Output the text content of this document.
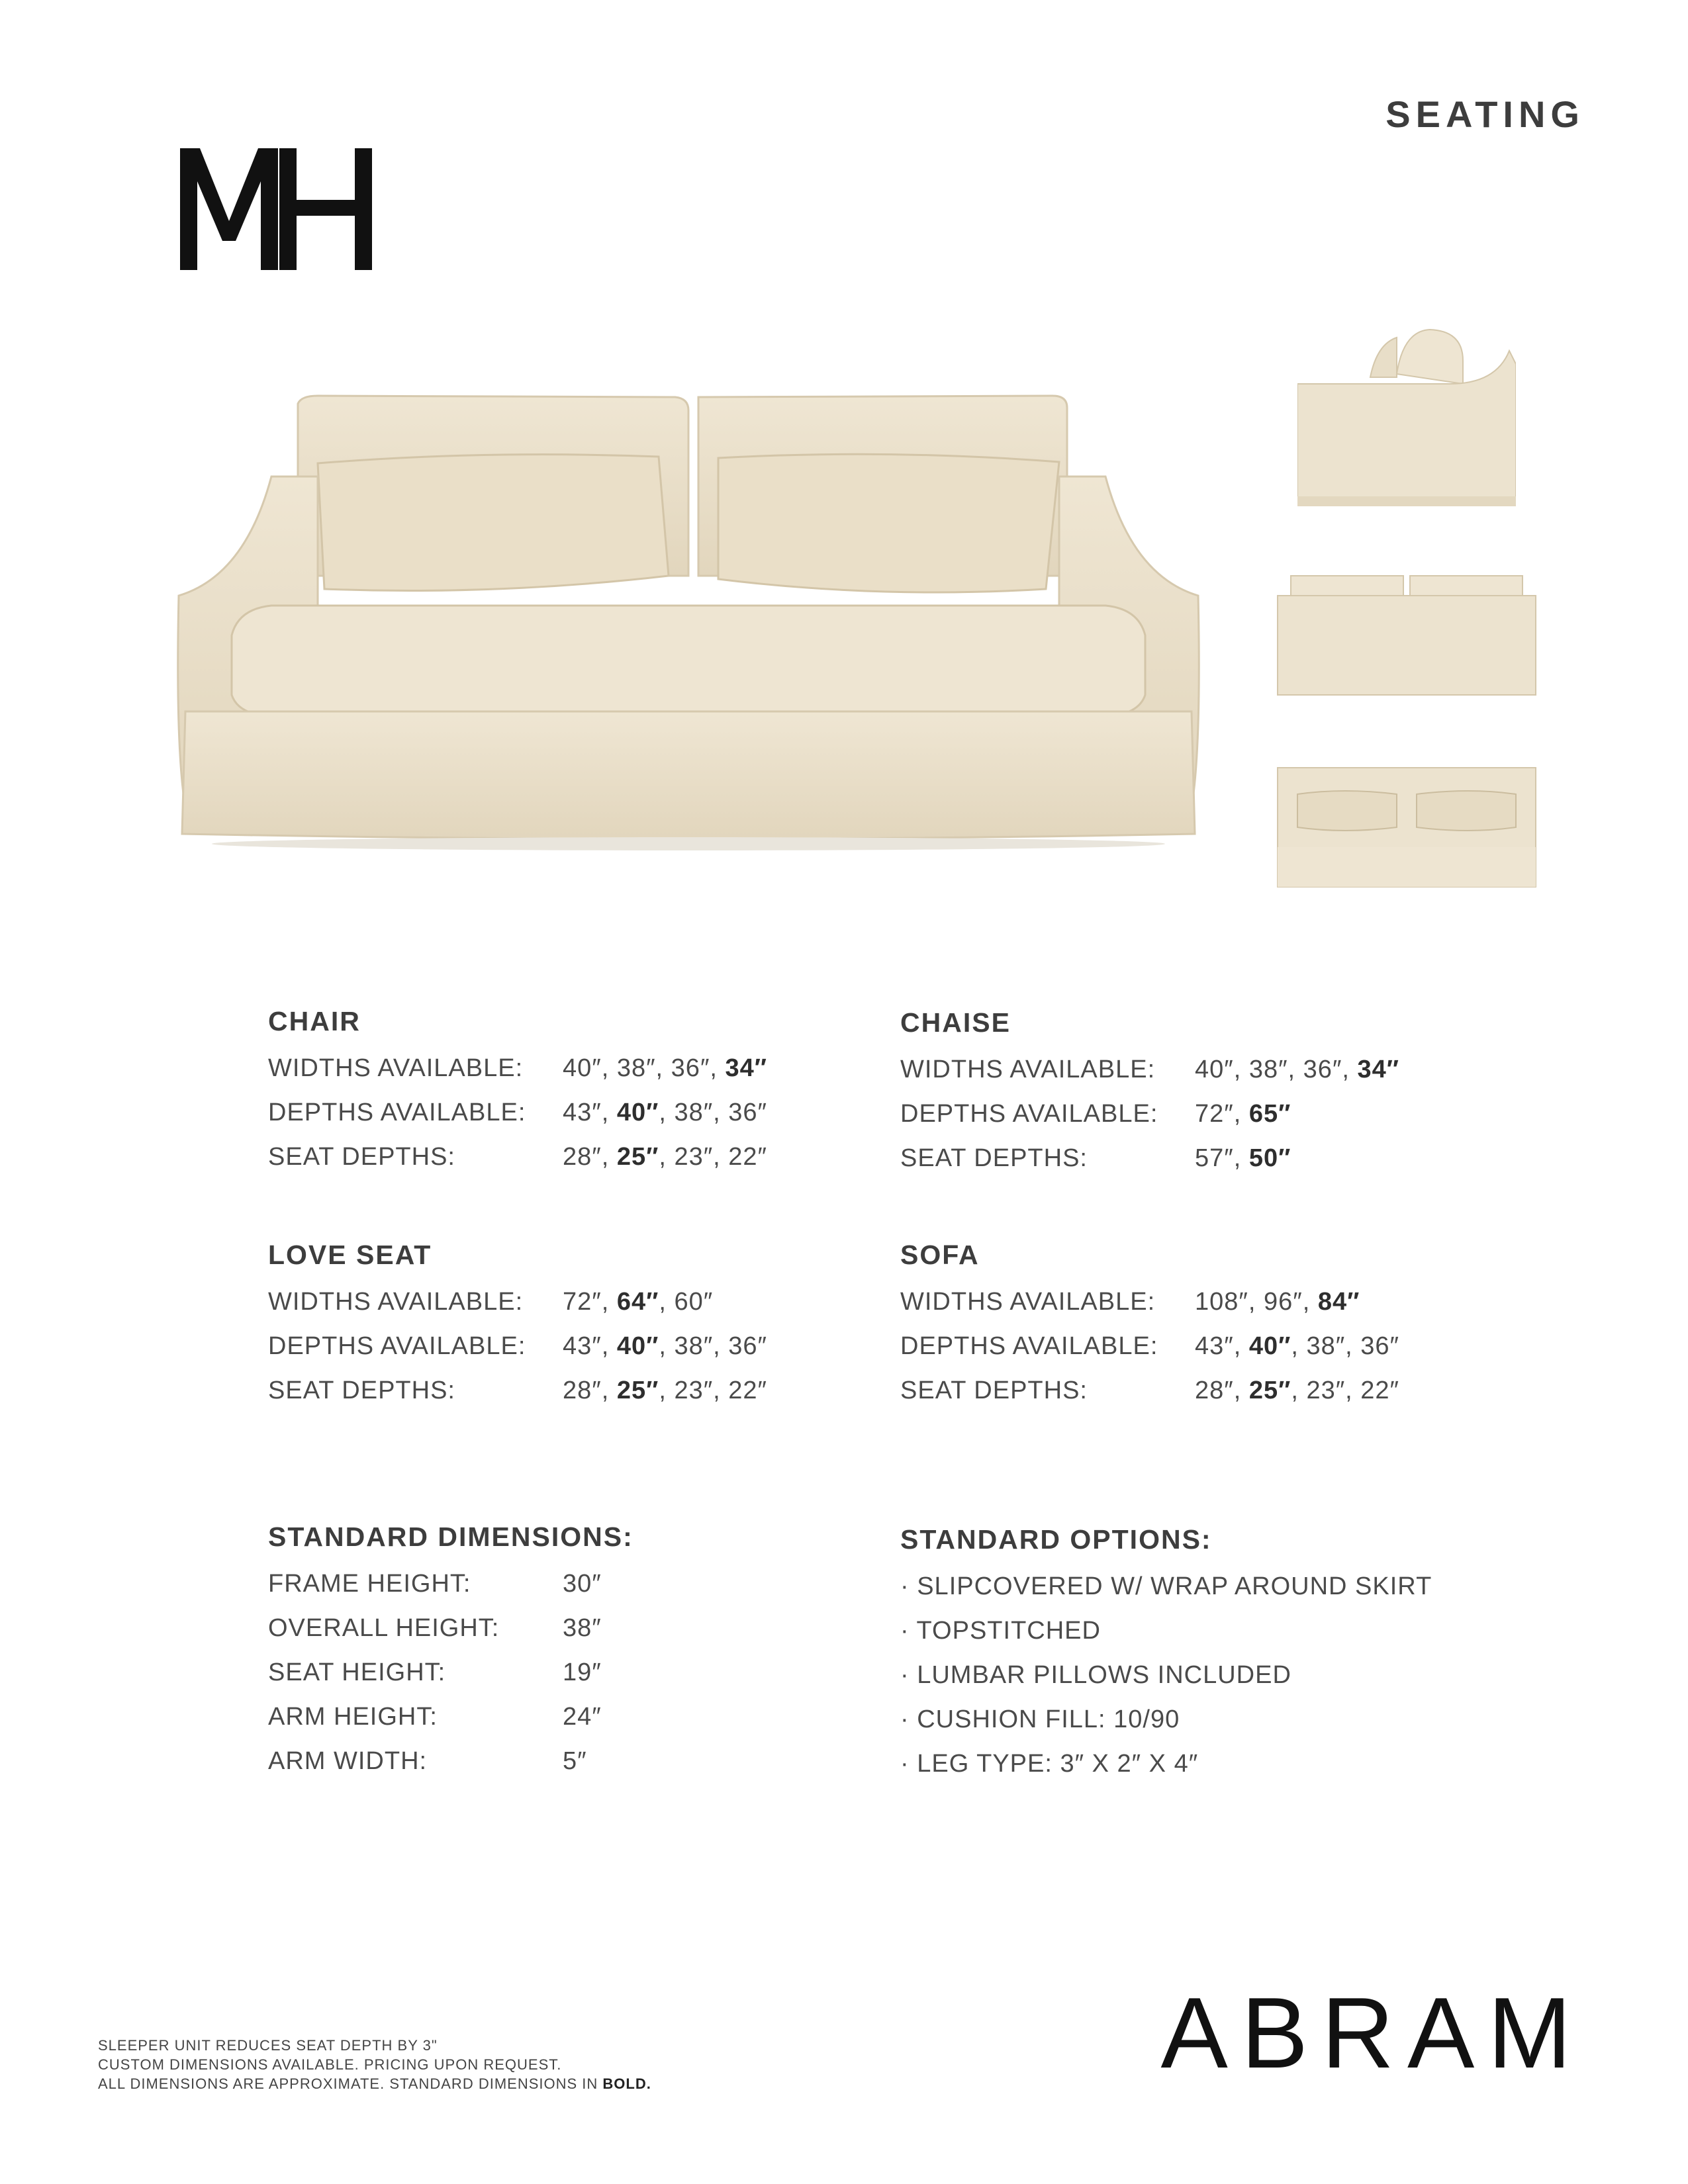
SEATING
CHAIR
WIDTHS AVAILABLE: 40″, 38″, 36″, 34″
DEPTHS AVAILABLE: 43″, 40″, 38″, 36″
SEAT DEPTHS:	28″, 25″, 23″, 22″
CHAISE
WIDTHS AVAILABLE: 40″, 38″, 36″, 34″
DEPTHS AVAILABLE: 72″, 65″
SEAT DEPTHS:	57″, 50″
LOVE SEAT
WIDTHS AVAILABLE: 72″, 64″, 60″
DEPTHS AVAILABLE: 43″, 40″, 38″, 36″
SEAT DEPTHS:	28″, 25″, 23″, 22″
SOFA
WIDTHS AVAILABLE: 108″, 96″, 84″
DEPTHS AVAILABLE: 43″, 40″, 38″, 36″
SEAT DEPTHS:	28″, 25″, 23″, 22″
STANDARD DIMENSIONS:
FRAME HEIGHT:	30″
OVERALL HEIGHT:	38″
SEAT HEIGHT:	19″
ARM HEIGHT:	24″
ARM WIDTH:	5″
STANDARD OPTIONS:
· SLIPCOVERED W/ WRAP AROUND SKIRT
· TOPSTITCHED
· LUMBAR PILLOWS INCLUDED
· CUSHION FILL: 10/90
· LEG TYPE: 3″ X 2″ X 4″
SLEEPER UNIT REDUCES SEAT DEPTH BY 3"
CUSTOM DIMENSIONS AVAILABLE. PRICING UPON REQUEST.
ALL DIMENSIONS ARE APPROXIMATE. STANDARD DIMENSIONS IN BOLD.	ABRAM
